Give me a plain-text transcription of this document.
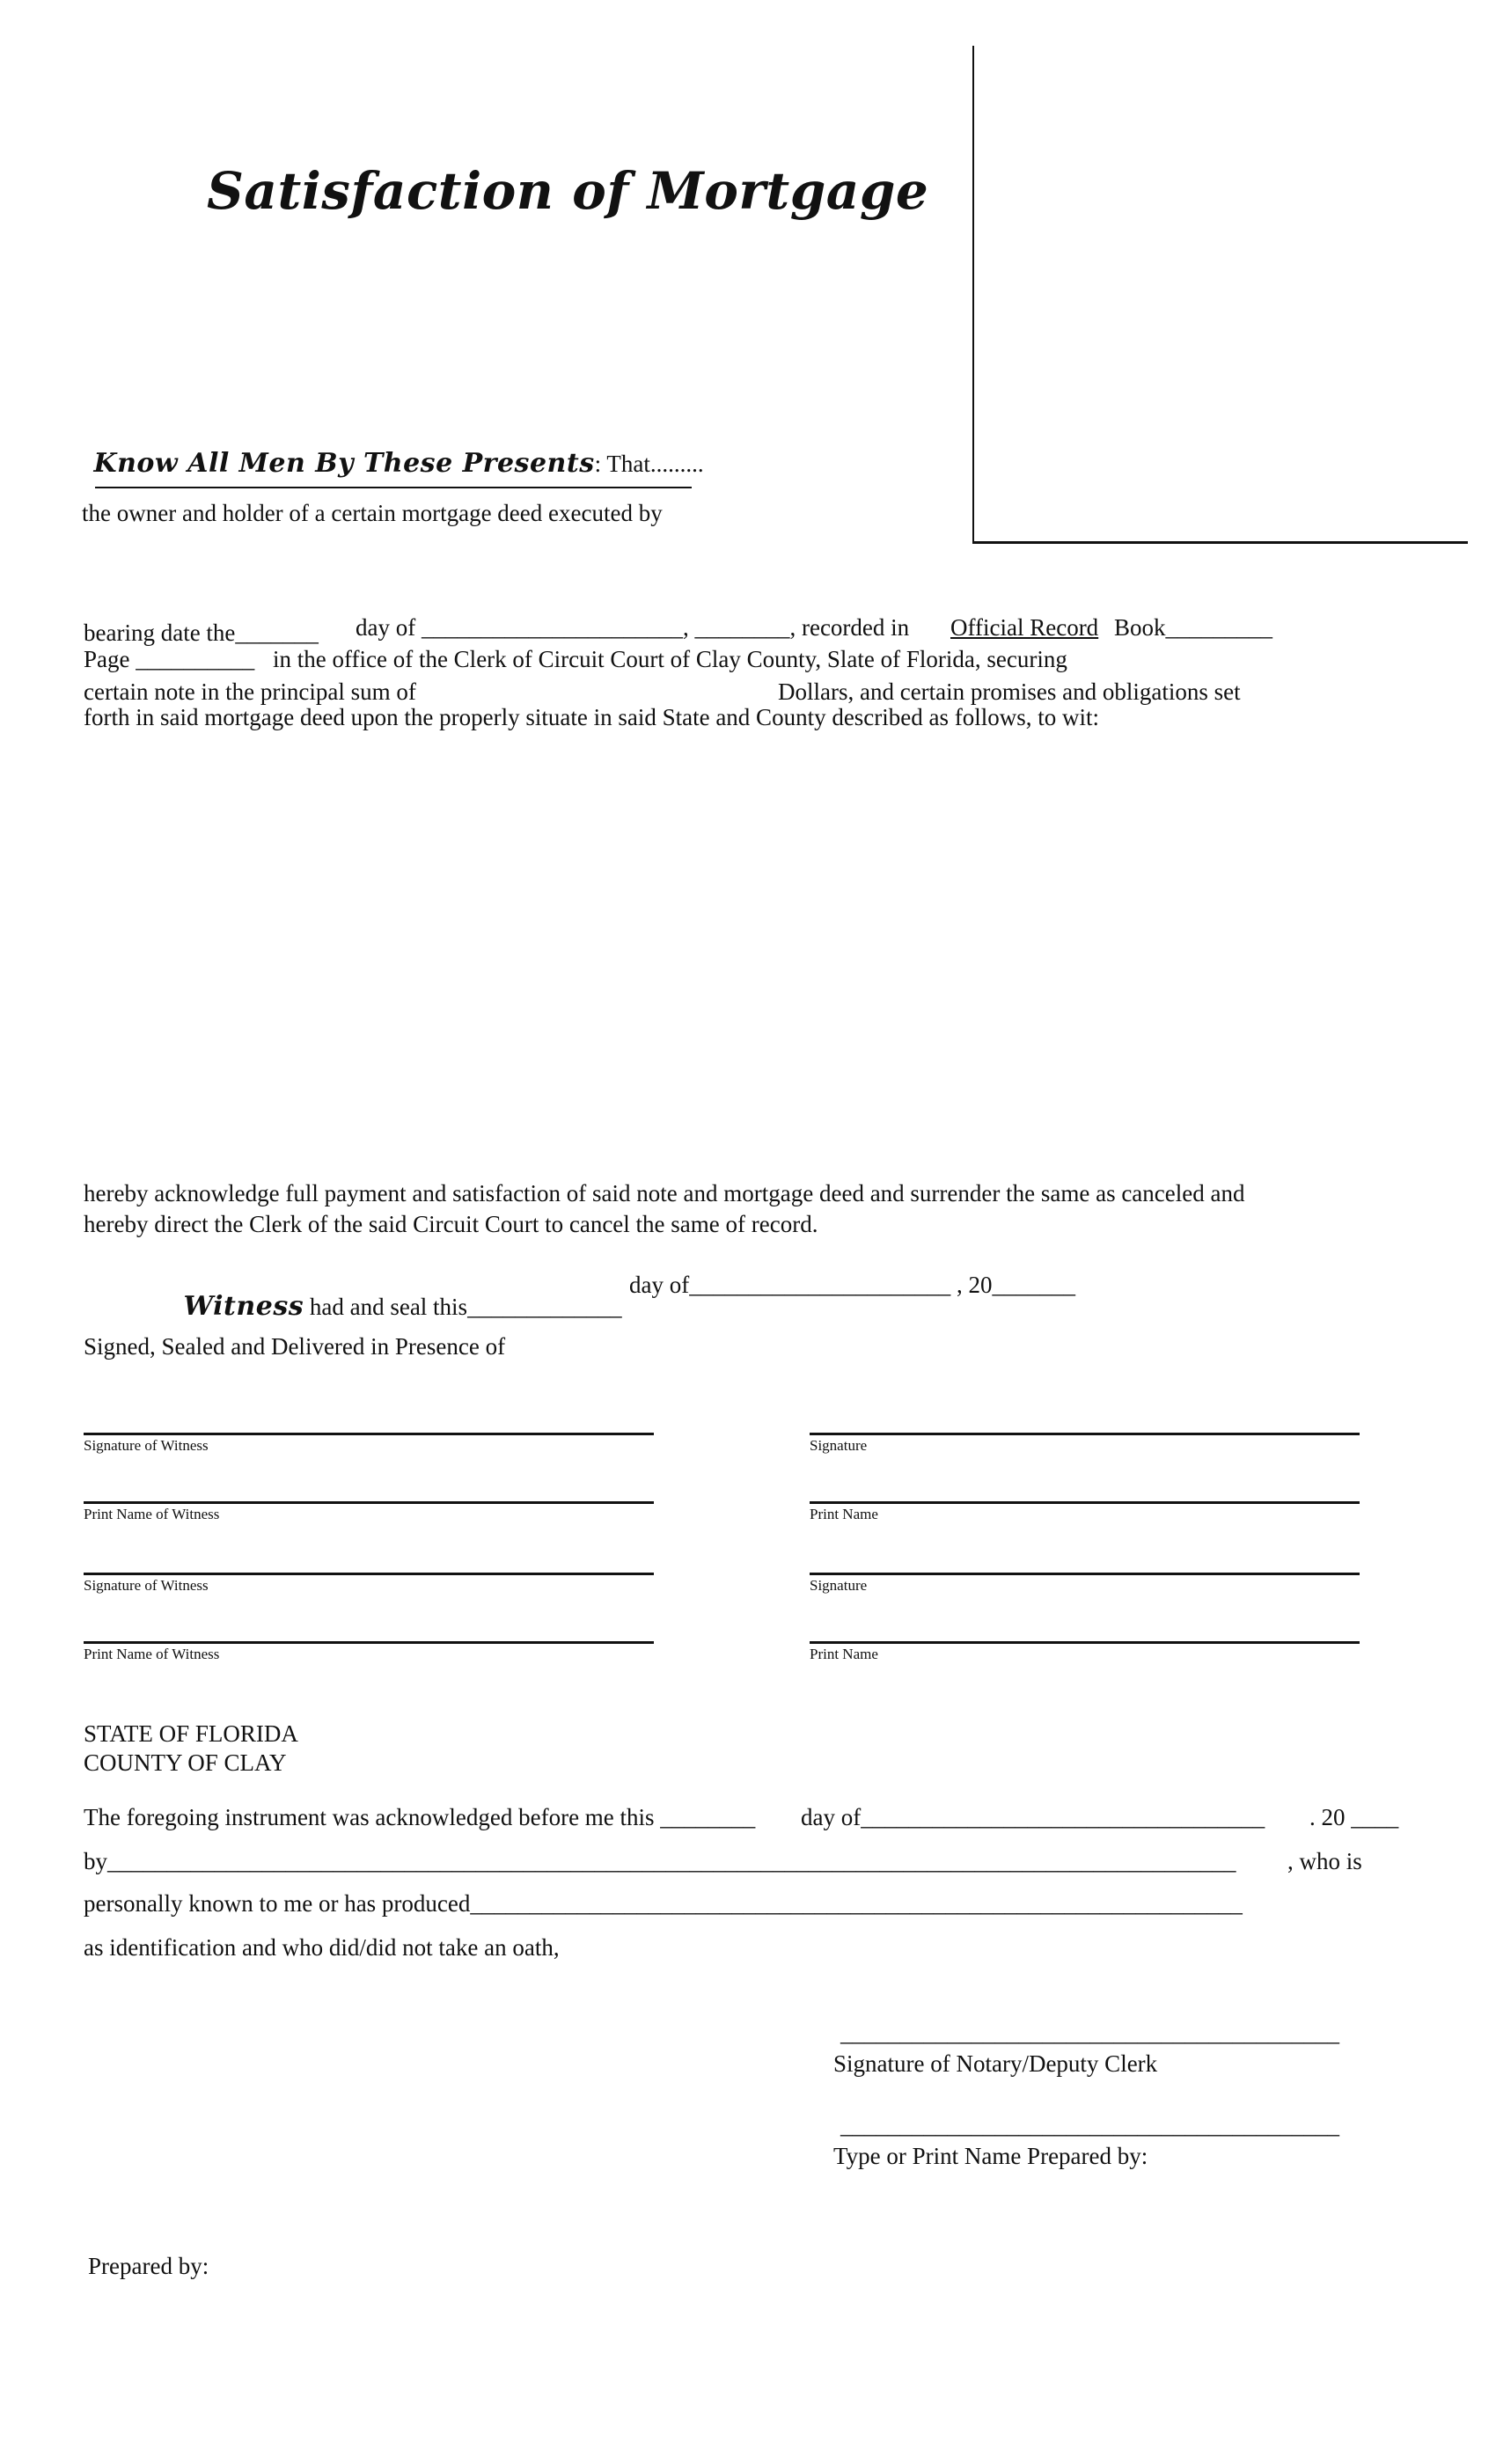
Satisfaction of Mortgage

Know All Men By These Presents: That.........

the owner and holder of a certain mortgage deed executed by
bearing date the_______ day of ______________________, ________, recorded in Official Record Book_________
Page __________ in the office of the Clerk of Circuit Court of Clay County, Slate of Florida, securing
certain note in the principal sum of	Dollars, and certain promises and obligations set
forth in said mortgage deed upon the properly situate in said State and County described as follows, to wit:
hereby acknowledge full payment and satisfaction of said note and mortgage deed and surrender the same as canceled and
hereby direct the Clerk of the said Circuit Court to cancel the same of record.

Witness had and seal this_____________

day of______________________ , 20_______
Signed, Sealed and Delivered in Presence of
Signature of Witness
Print Name of Witness
Signature of Witness
Print Name of Witness
Signature
Print Name
Signature
Print Name
STATE OF FLORIDA
COUNTY OF CLAY
The foregoing instrument was acknowledged before me this ________ day of__________________________________ . 20 ____
by_______________________________________________________________________________________________ , who is
personally known to me or has produced_________________________________________________________________
as identification and who did/did not take an oath,
__________________________________________
Signature of Notary/Deputy Clerk
__________________________________________
Type or Print Name Prepared by:
Prepared by:
